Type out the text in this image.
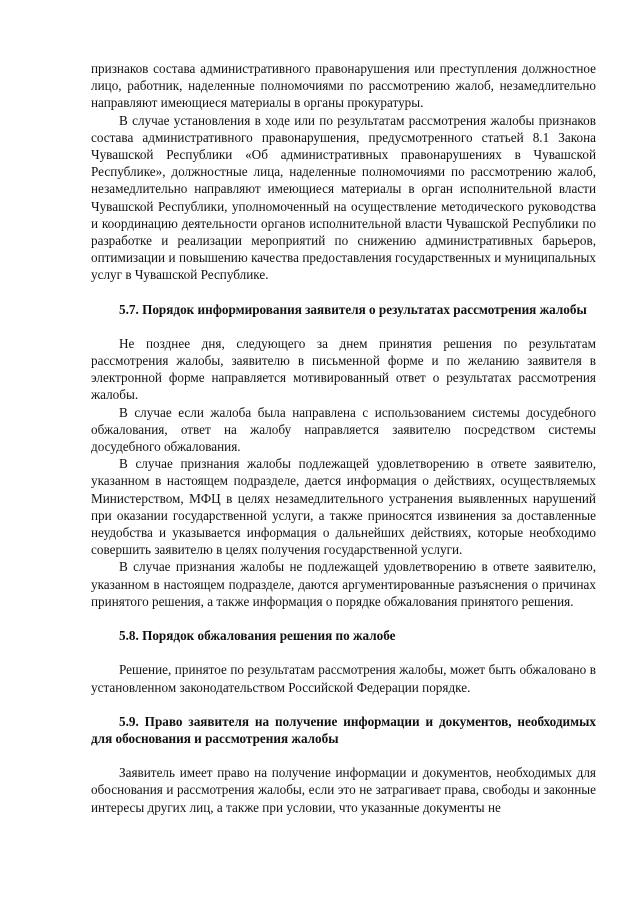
признаков состава административного правонарушения или преступления должностное лицо, работник, наделенные полномочиями по рассмотрению жалоб, незамедлительно направляют имеющиеся материалы в органы прокуратуры.

В случае установления в ходе или по результатам рассмотрения жалобы признаков состава административного правонарушения, предусмотренного статьей 8.1 Закона Чувашской Республики «Об административных правонарушениях в Чувашской Республике», должностные лица, наделенные полномочиями по рассмотрению жалоб, незамедлительно направляют имеющиеся материалы в орган исполнительной власти Чувашской Республики, уполномоченный на осуществление методического руководства и координацию деятельности органов исполнительной власти Чувашской Республики по разработке и реализации мероприятий по снижению административных барьеров, оптимизации и повышению качества предоставления государственных и муниципальных услуг в Чувашской Республике.

5.7. Порядок информирования заявителя о результатах рассмотрения жалобы

Не позднее дня, следующего за днем принятия решения по результатам рассмотрения жалобы, заявителю в письменной форме и по желанию заявителя в электронной форме направляется мотивированный ответ о результатах рассмотрения жалобы.

В случае если жалоба была направлена с использованием системы досудебного обжалования, ответ на жалобу направляется заявителю посредством системы досудебного обжалования.

В случае признания жалобы подлежащей удовлетворению в ответе заявителю, указанном в настоящем подразделе, дается информация о действиях, осуществляемых Министерством, МФЦ в целях незамедлительного устранения выявленных нарушений при оказании государственной услуги, а также приносятся извинения за доставленные неудобства и указывается информация о дальнейших действиях, которые необходимо совершить заявителю в целях получения государственной услуги.

В случае признания жалобы не подлежащей удовлетворению в ответе заявителю, указанном в настоящем подразделе, даются аргументированные разъяснения о причинах принятого решения, а также информация о порядке обжалования принятого решения.

5.8. Порядок обжалования решения по жалобе

Решение, принятое по результатам рассмотрения жалобы, может быть обжаловано в установленном законодательством Российской Федерации порядке.

5.9. Право заявителя на получение информации и документов, необходимых для обоснования и рассмотрения жалобы

Заявитель имеет право на получение информации и документов, необходимых для обоснования и рассмотрения жалобы, если это не затрагивает права, свободы и законные интересы других лиц, а также при условии, что указанные документы не
